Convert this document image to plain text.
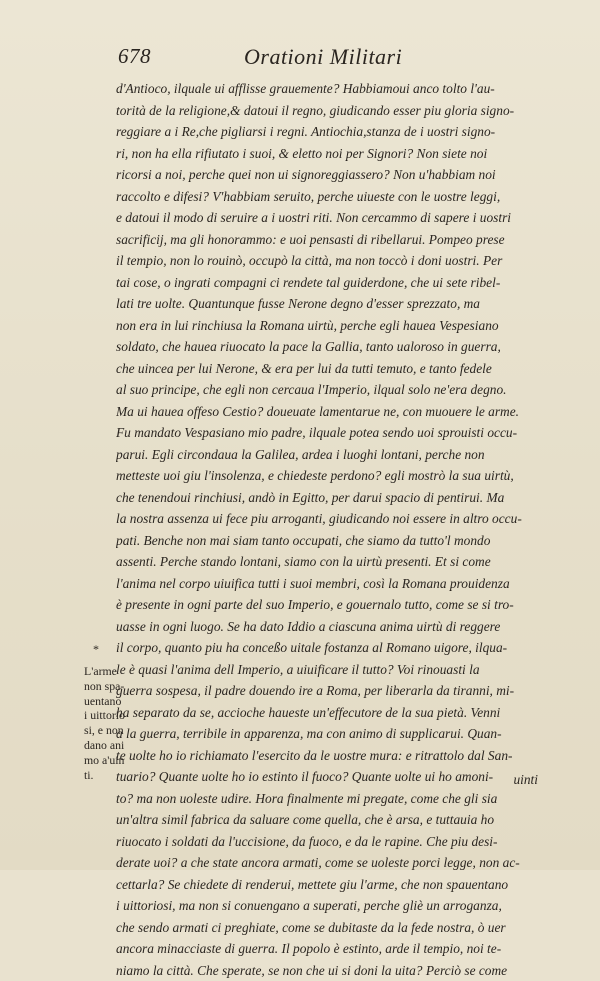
678	Orationi Militari
d'Antioco, ilquale ui afflisse grauemente? Habbiamoui anco tolto l'au-
torità de la religione,& datoui il regno, giudicando esser piu gloria signo-
reggiare a i Re,che pigliarsi i regni. Antiochia,stanza de i uostri signo-
ri, non ha ella rifiutato i suoi, & eletto noi per Signori? Non siete noi
ricorsi a noi, perche quei non ui signoreggiassero? Non u'habbiam noi
raccolto e difesi? V'habbiam seruito, perche uiueste con le uostre leggi,
e datoui il modo di seruire a i uostri riti. Non cercammo di sapere i uostri
sacrificij, ma gli honorammo: e uoi pensasti di ribellarui. Pompeo prese
il tempio, non lo rouinò, occupò la città, ma non toccò i doni uostri. Per
tai cose, o ingrati compagni ci rendete tal guiderdone, che ui sete ribel-
lati tre uolte. Quantunque fusse Nerone degno d'esser sprezzato, ma
non era in lui rinchiusa la Romana uirtù, perche egli hauea Vespesiano
soldato, che hauea riuocato la pace la Gallia, tanto ualoroso in guerra,
che uincea per lui Nerone, & era per lui da tutti temuto, e tanto fedele
al suo principe, che egli non cercaua l'Imperio, ilqual solo ne'era degno.
Ma ui hauea offeso Cestio? doueuate lamentarue ne, con muouere le arme.
Fu mandato Vespasiano mio padre, ilquale potea sendo uoi sprouisti occu-
parui. Egli circondaua la Galilea, ardea i luoghi lontani, perche non
metteste uoi giu l'insolenza, e chiedeste perdono? egli mostrò la sua uirtù,
che tenendoui rinchiusi, andò in Egitto, per darui spacio di pentirui. Ma
la nostra assenza ui fece piu arroganti, giudicando noi essere in altro occu-
pati. Benche non mai siam tanto occupati, che siamo da tutto'l mondo
assenti. Perche stando lontani, siamo con la uirtù presenti. Et si come
l'anima nel corpo uiuifica tutti i suoi membri, così la Romana prouidenza
è presente in ogni parte del suo Imperio, e gouernalo tutto, come se si tro-
uasse in ogni luogo. Se ha dato Iddio a ciascuna anima uirtù di reggere
il corpo, quanto piu ha conceßo uitale fostanza al Romano uigore, ilqua-
le è quasi l'anima dell Imperio, a uiuificare il tutto? Voi rinouasti la
guerra sospesa, il padre douendo ire a Roma, per liberarla da tiranni, mi-
ha separato da se, accioche haueste un'effecutore de la sua pietà. Venni
a la guerra, terribile in apparenza, ma con animo di supplicarui. Quan-
te uolte ho io richiamato l'esercito da le uostre mura: e ritrattolo dal San-
tuario? Quante uolte ho io estinto il fuoco? Quante uolte ui ho amoni-
to? ma non uoleste udire. Hora finalmente mi pregate, come che gli sia
un'altra simil fabrica da saluare come quella, che è arsa, e tuttauia ho
riuocato i soldati da l'uccisione, da fuoco, e da le rapine. Che piu desi-
derate uoi? a che state ancora armati, come se uoleste porci legge, non ac-
cettarla? Se chiedete di renderui, mettete giu l'arme, che non spauentano
i uittoriosi, ma non si conuengano a superati, perche gliè un arroganza,
che sendo armati ci preghiate, come se dubitaste da la fede nostra, ò uer
ancora minacciaste di guerra. Il popolo è estinto, arde il tempio, noi te-
niamo la città. Che sperate, se non che ui si doni la uita? Perciò se come
uinti
*
L'arme
non spa-
uentano
i uittorio
si, e non
dano ani
mo a'uin
ti.
